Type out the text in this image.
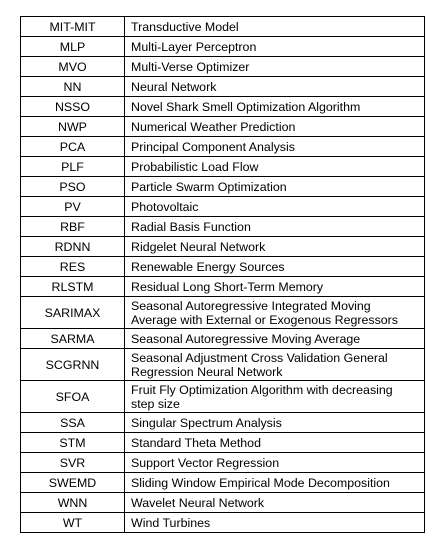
MIT-MIT	Transductive Model
MLP	Multi-Layer Perceptron
MVO	Multi-Verse Optimizer
NN	Neural Network
NSSO	Novel Shark Smell Optimization Algorithm
NWP	Numerical Weather Prediction
PCA	Principal Component Analysis
PLF	Probabilistic Load Flow
PSO	Particle Swarm Optimization
PV	Photovoltaic
RBF	Radial Basis Function
RDNN	Ridgelet Neural Network
RES	Renewable Energy Sources
RLSTM	Residual Long Short-Term Memory
SARIMAX	Seasonal Autoregressive Integrated Moving
Average with External or Exogenous Regressors
SARMA	Seasonal Autoregressive Moving Average
SCGRNN	Seasonal Adjustment Cross Validation General
Regression Neural Network
SFOA	Fruit Fly Optimization Algorithm with decreasing
step size
SSA	Singular Spectrum Analysis
STM	Standard Theta Method
SVR	Support Vector Regression
SWEMD	Sliding Window Empirical Mode Decomposition
WNN	Wavelet Neural Network
WT	Wind Turbines
